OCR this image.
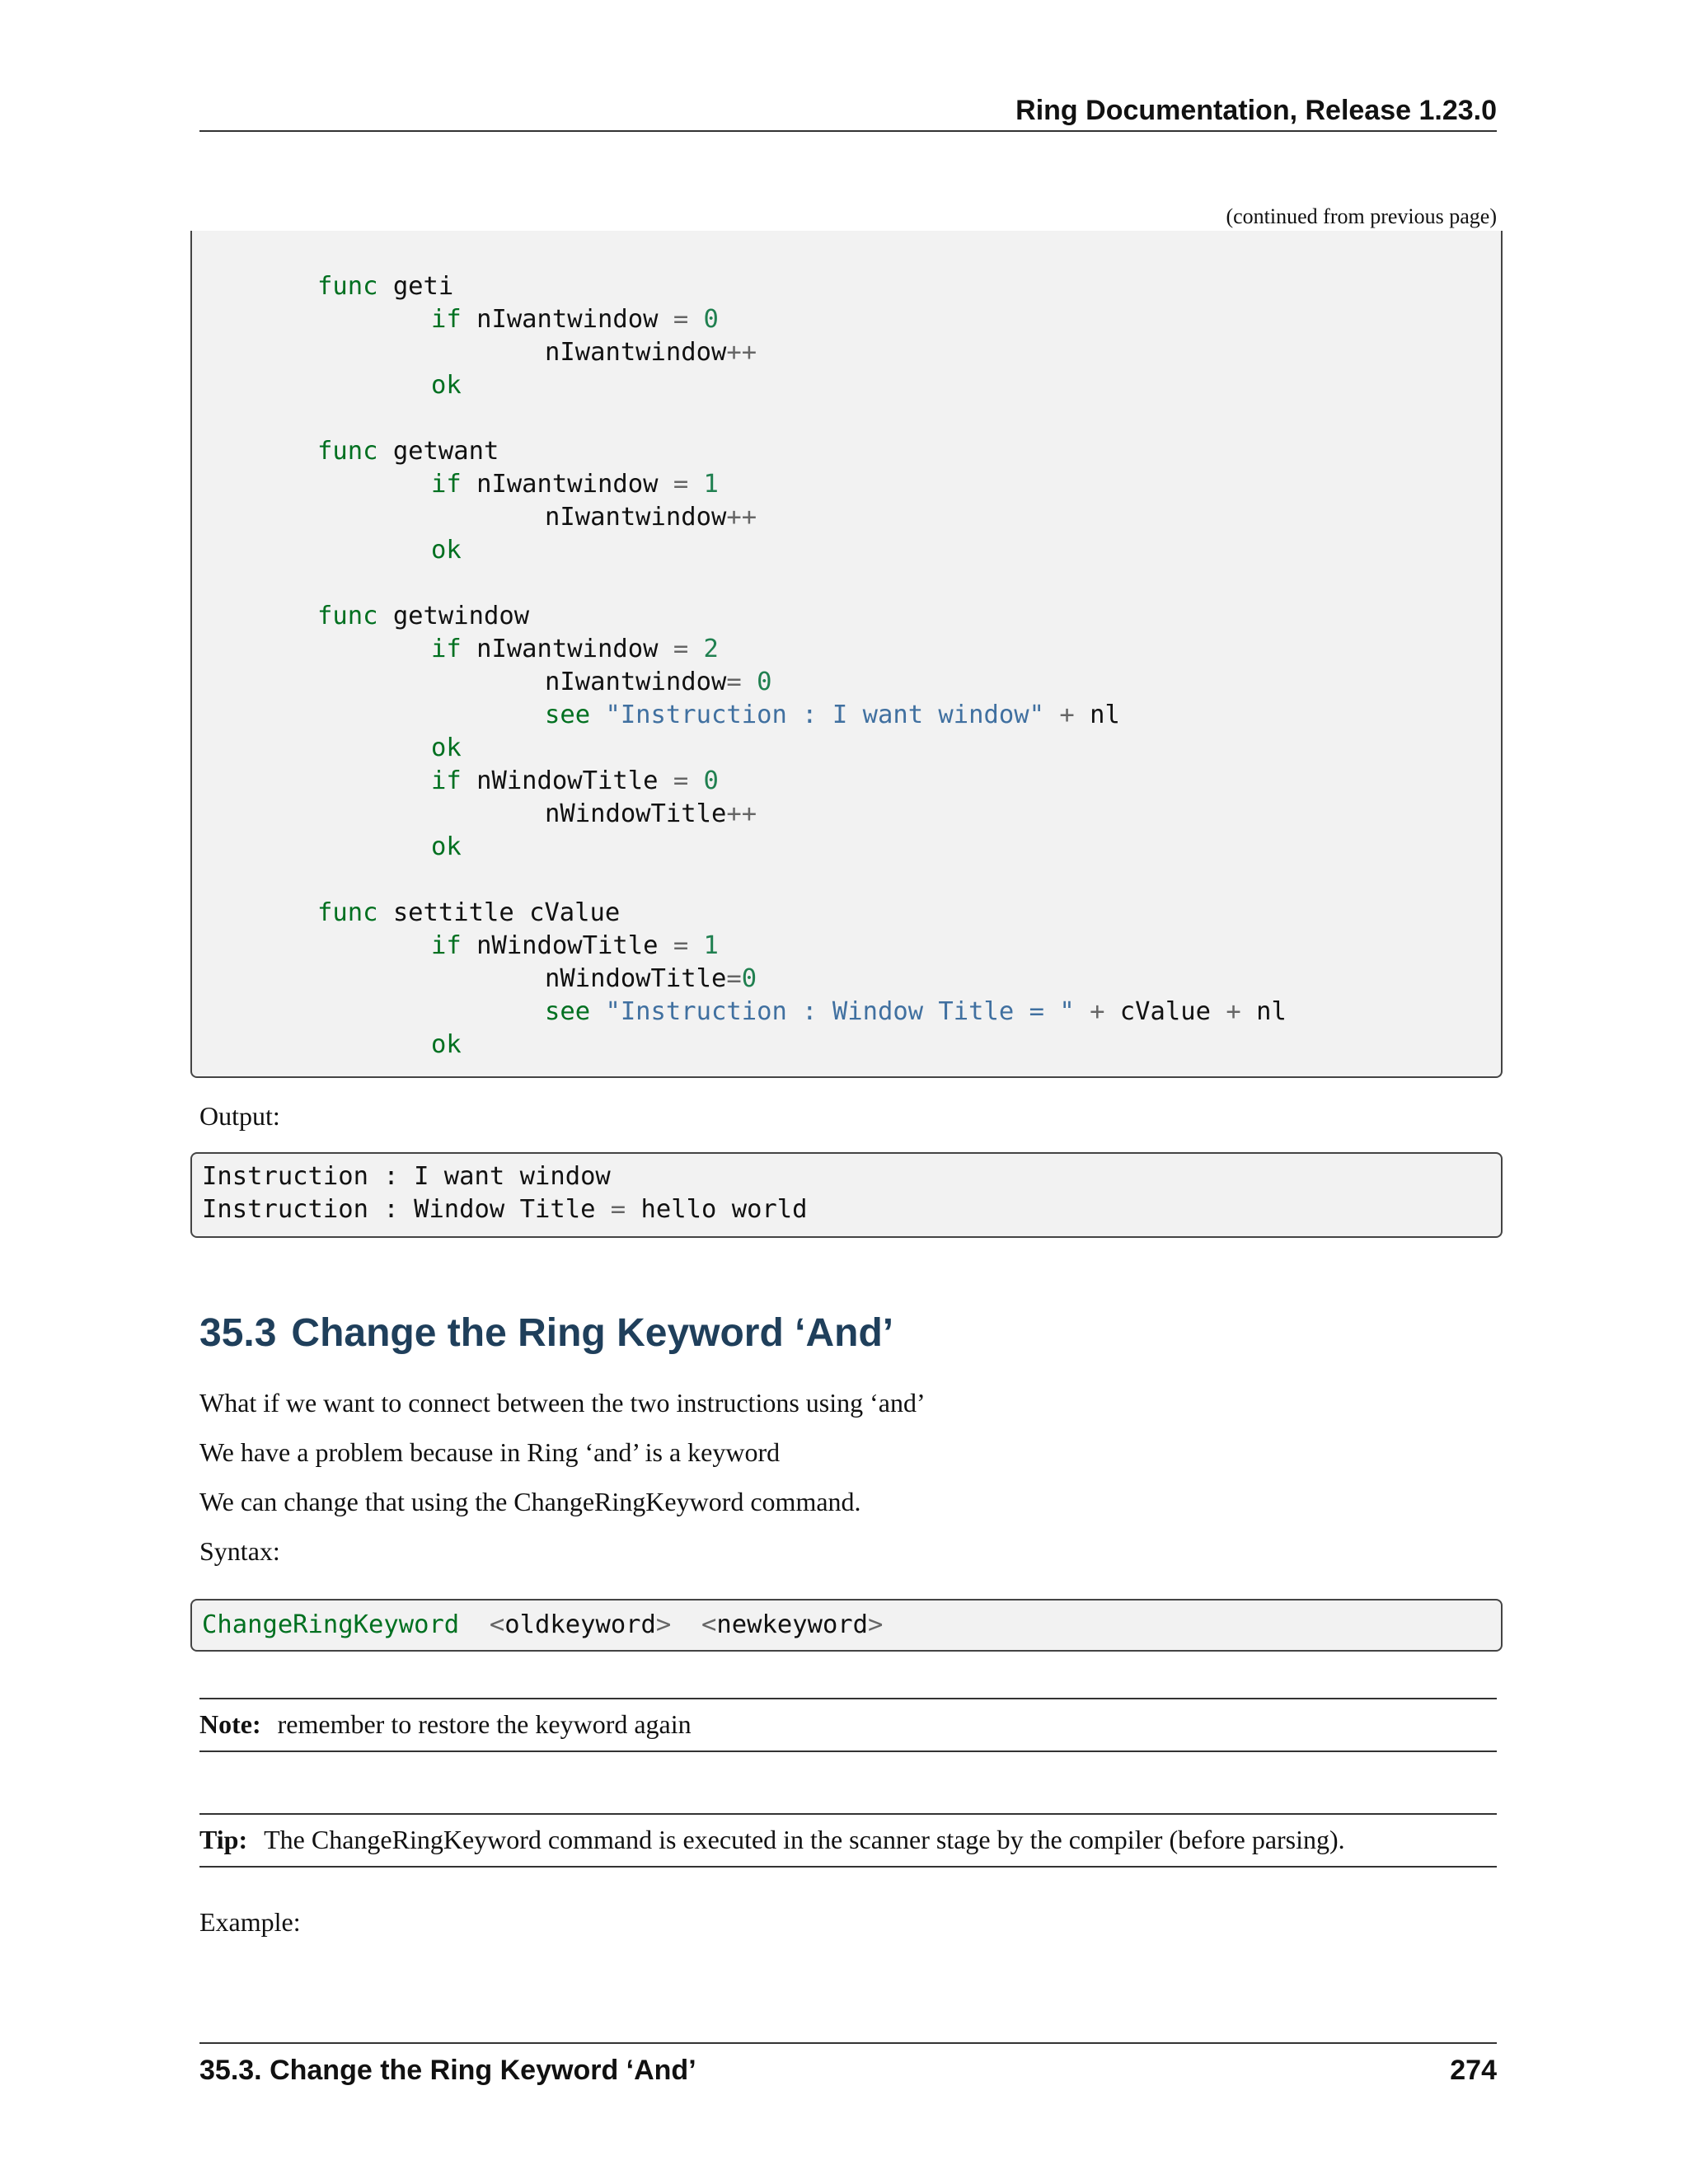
Ring Documentation, Release 1.23.0
(continued from previous page)
func geti
if nIwantwindow = 0
nIwantwindow++
ok
func getwant
if nIwantwindow = 1
nIwantwindow++
ok
func getwindow
if nIwantwindow = 2
nIwantwindow= 0
see "Instruction : I want window" + nl
ok
if nWindowTitle = 0
nWindowTitle++
ok
func settitle cValue
if nWindowTitle = 1
nWindowTitle=0
see "Instruction : Window Title = " + cValue + nl
ok
Output:
Instruction : I want window
Instruction : Window Title = hello world
35.3 Change the Ring Keyword ‘And’
What if we want to connect between the two instructions using ‘and’
We have a problem because in Ring ‘and’ is a keyword
We can change that using the ChangeRingKeyword command.
Syntax:
ChangeRingKeyword <oldkeyword> <newkeyword>
Note: remember to restore the keyword again
Tip: The ChangeRingKeyword command is executed in the scanner stage by the compiler (before parsing).
Example:
35.3. Change the Ring Keyword ‘And’	274
